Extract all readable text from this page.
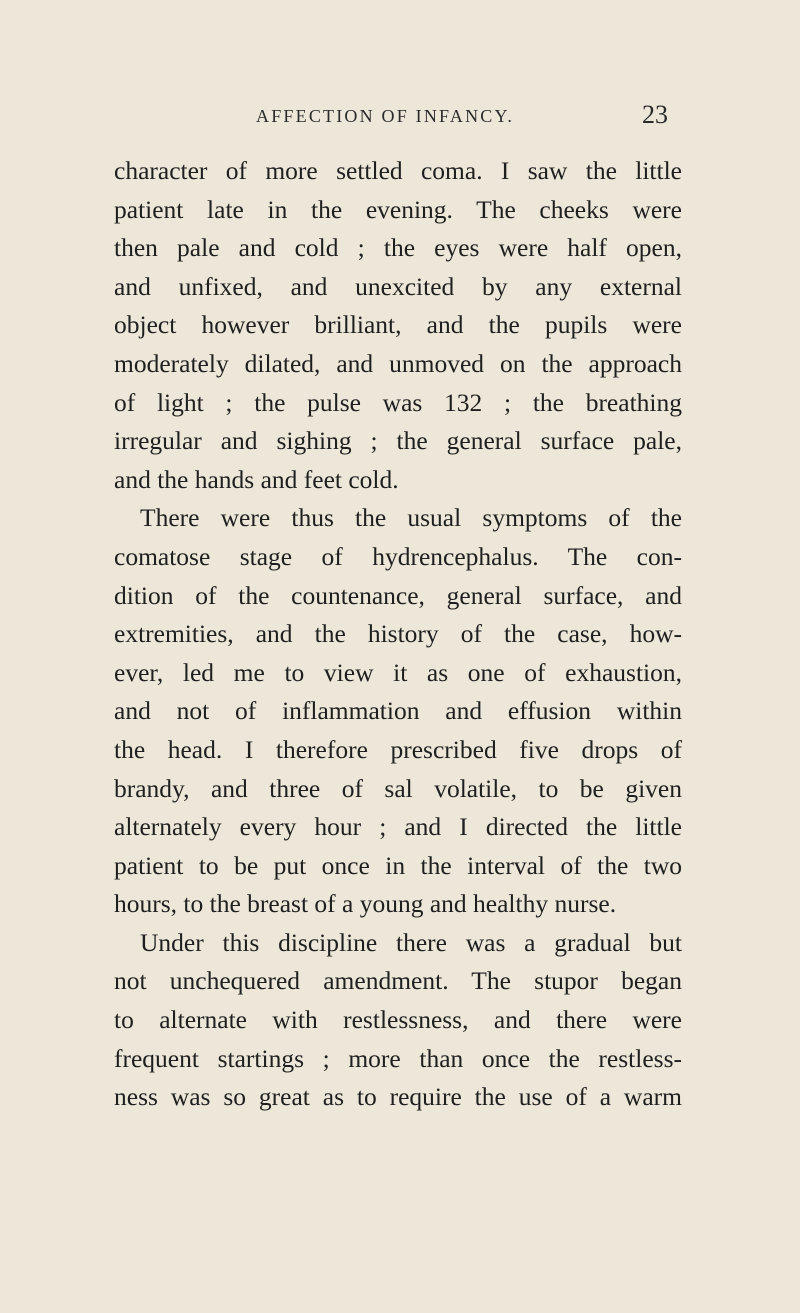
AFFECTION OF INFANCY.	23
character of more settled coma. I saw the little
patient late in the evening. The cheeks were
then pale and cold ; the eyes were half open,
and unfixed, and unexcited by any external
object however brilliant, and the pupils were
moderately dilated, and unmoved on the approach
of light ; the pulse was 132 ; the breathing
irregular and sighing ; the general surface pale,
and the hands and feet cold.
There were thus the usual symptoms of the
comatose stage of hydrencephalus. The con-
dition of the countenance, general surface, and
extremities, and the history of the case, how-
ever, led me to view it as one of exhaustion,
and not of inflammation and effusion within
the head. I therefore prescribed five drops of
brandy, and three of sal volatile, to be given
alternately every hour ; and I directed the little
patient to be put once in the interval of the two
hours, to the breast of a young and healthy nurse.
Under this discipline there was a gradual but
not unchequered amendment. The stupor began
to alternate with restlessness, and there were
frequent startings ; more than once the restless-
ness was so great as to require the use of a warm
